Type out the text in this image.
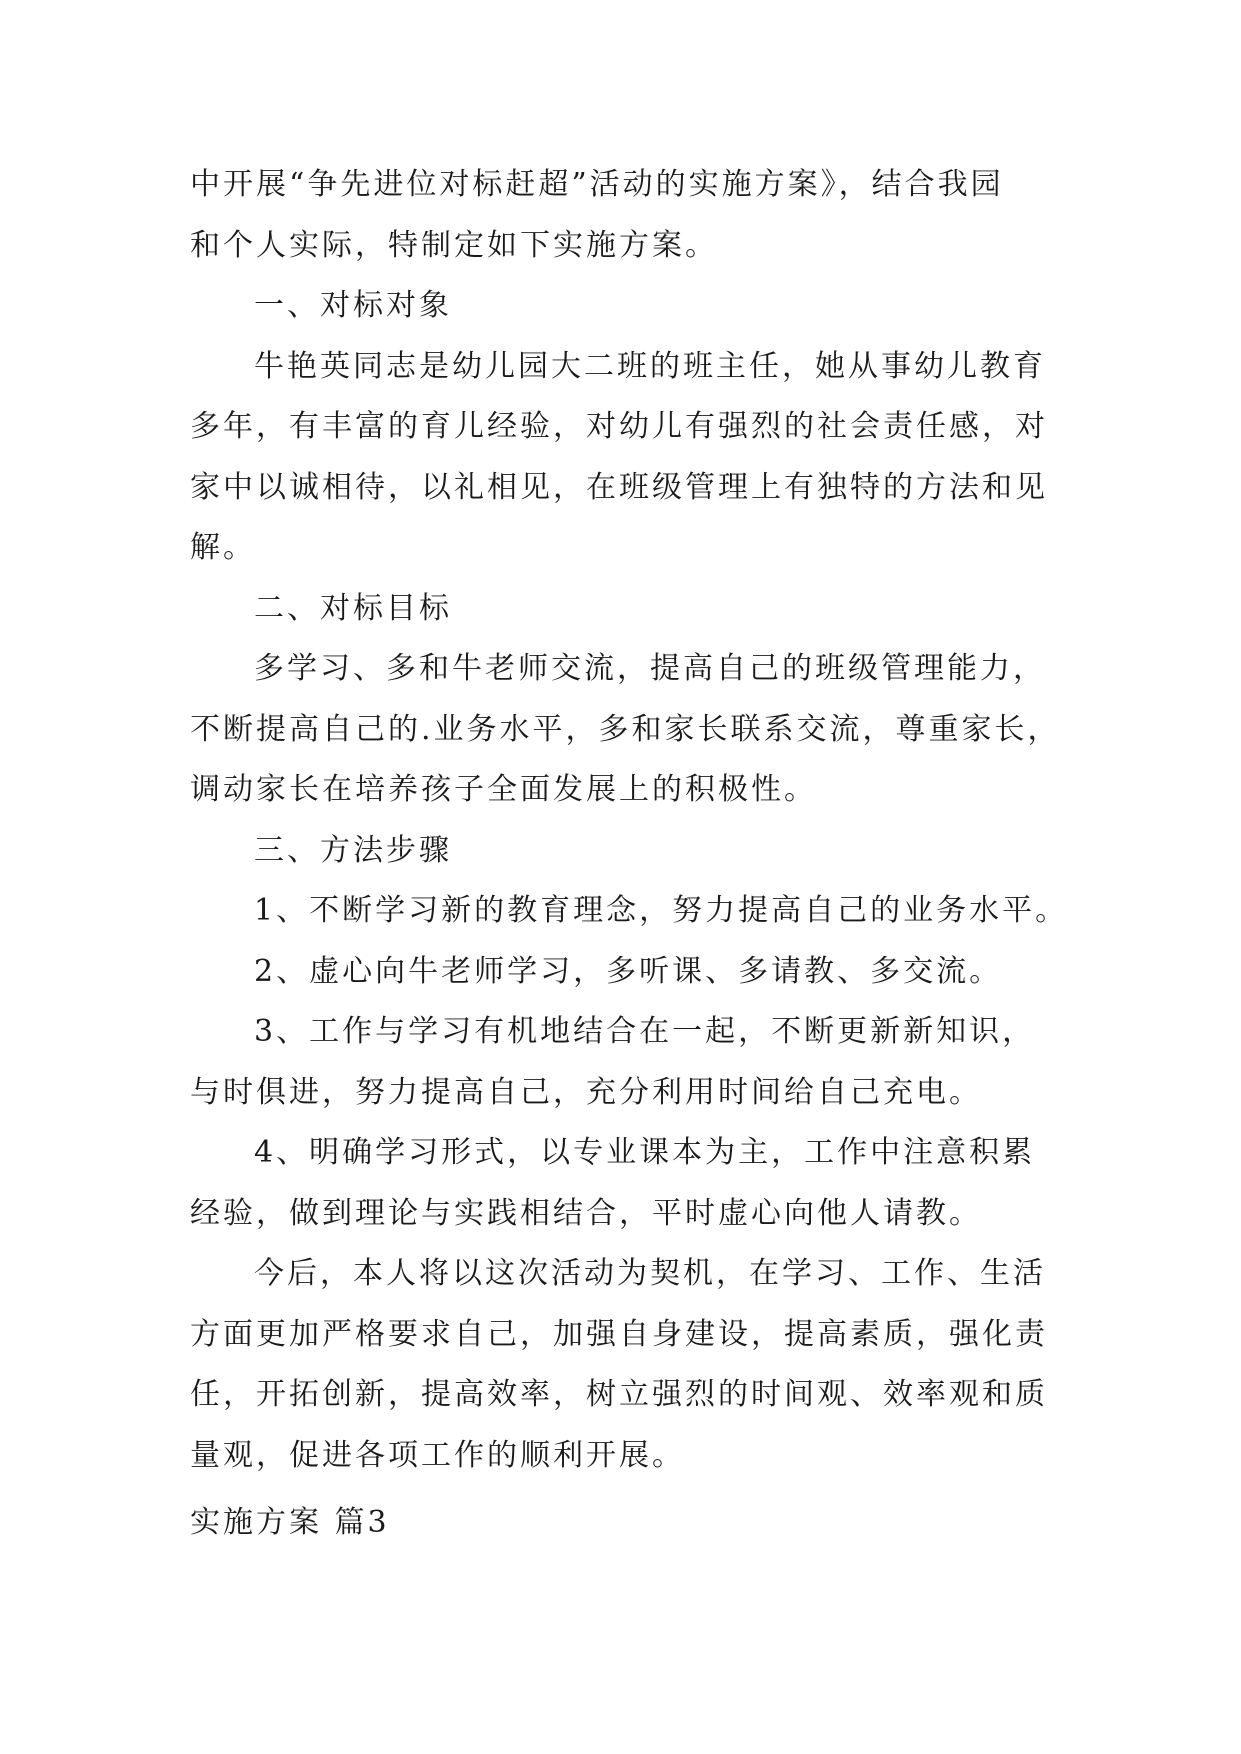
中开展“争先进位对标赶超”活动的实施方案》，结合我园
和个人实际，特制定如下实施方案。

一、对标对象

牛艳英同志是幼儿园大二班的班主任，她从事幼儿教育
多年，有丰富的育儿经验，对幼儿有强烈的社会责任感，对
家中以诚相待，以礼相见，在班级管理上有独特的方法和见
解。

二、对标目标

多学习、多和牛老师交流，提高自己的班级管理能力，
不断提高自己的.业务水平，多和家长联系交流，尊重家长，
调动家长在培养孩子全面发展上的积极性。

三、方法步骤

1、不断学习新的教育理念，努力提高自己的业务水平。

2、虚心向牛老师学习，多听课、多请教、多交流。

3、工作与学习有机地结合在一起，不断更新新知识，
与时俱进，努力提高自己，充分利用时间给自己充电。

4、明确学习形式，以专业课本为主，工作中注意积累
经验，做到理论与实践相结合，平时虚心向他人请教。

今后，本人将以这次活动为契机，在学习、工作、生活
方面更加严格要求自己，加强自身建设，提高素质，强化责
任，开拓创新，提高效率，树立强烈的时间观、效率观和质
量观，促进各项工作的顺利开展。

实施方案 篇3
